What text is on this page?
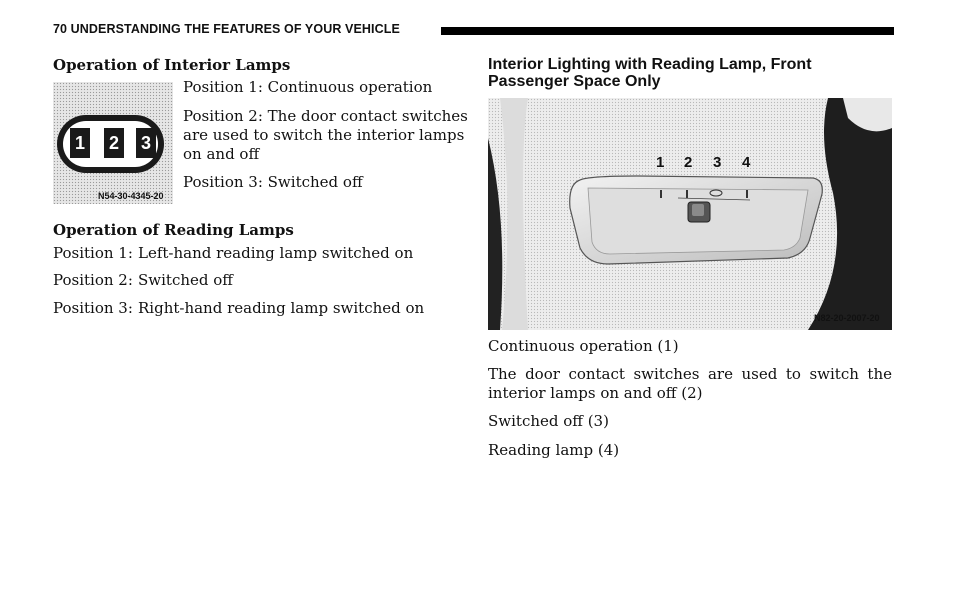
70 UNDERSTANDING THE FEATURES OF YOUR VEHICLE
Operation of Interior Lamps
1 2 3
N54-30-4345-20
Position 1: Continuous operation
Position 2: The door contact switches
are used to switch the interior lamps
on and off
Position 3: Switched off
Operation of Reading Lamps
Position 1: Left-hand reading lamp switched on
Position 2: Switched off
Position 3: Right-hand reading lamp switched on
Interior Lighting with Reading Lamp, Front
Passenger Space Only
1 2 3 4
N82-20-2007-20
Continuous operation (1)
The door contact switches are used to switch the
interior lamps on and off (2)
Switched off (3)
Reading lamp (4)
